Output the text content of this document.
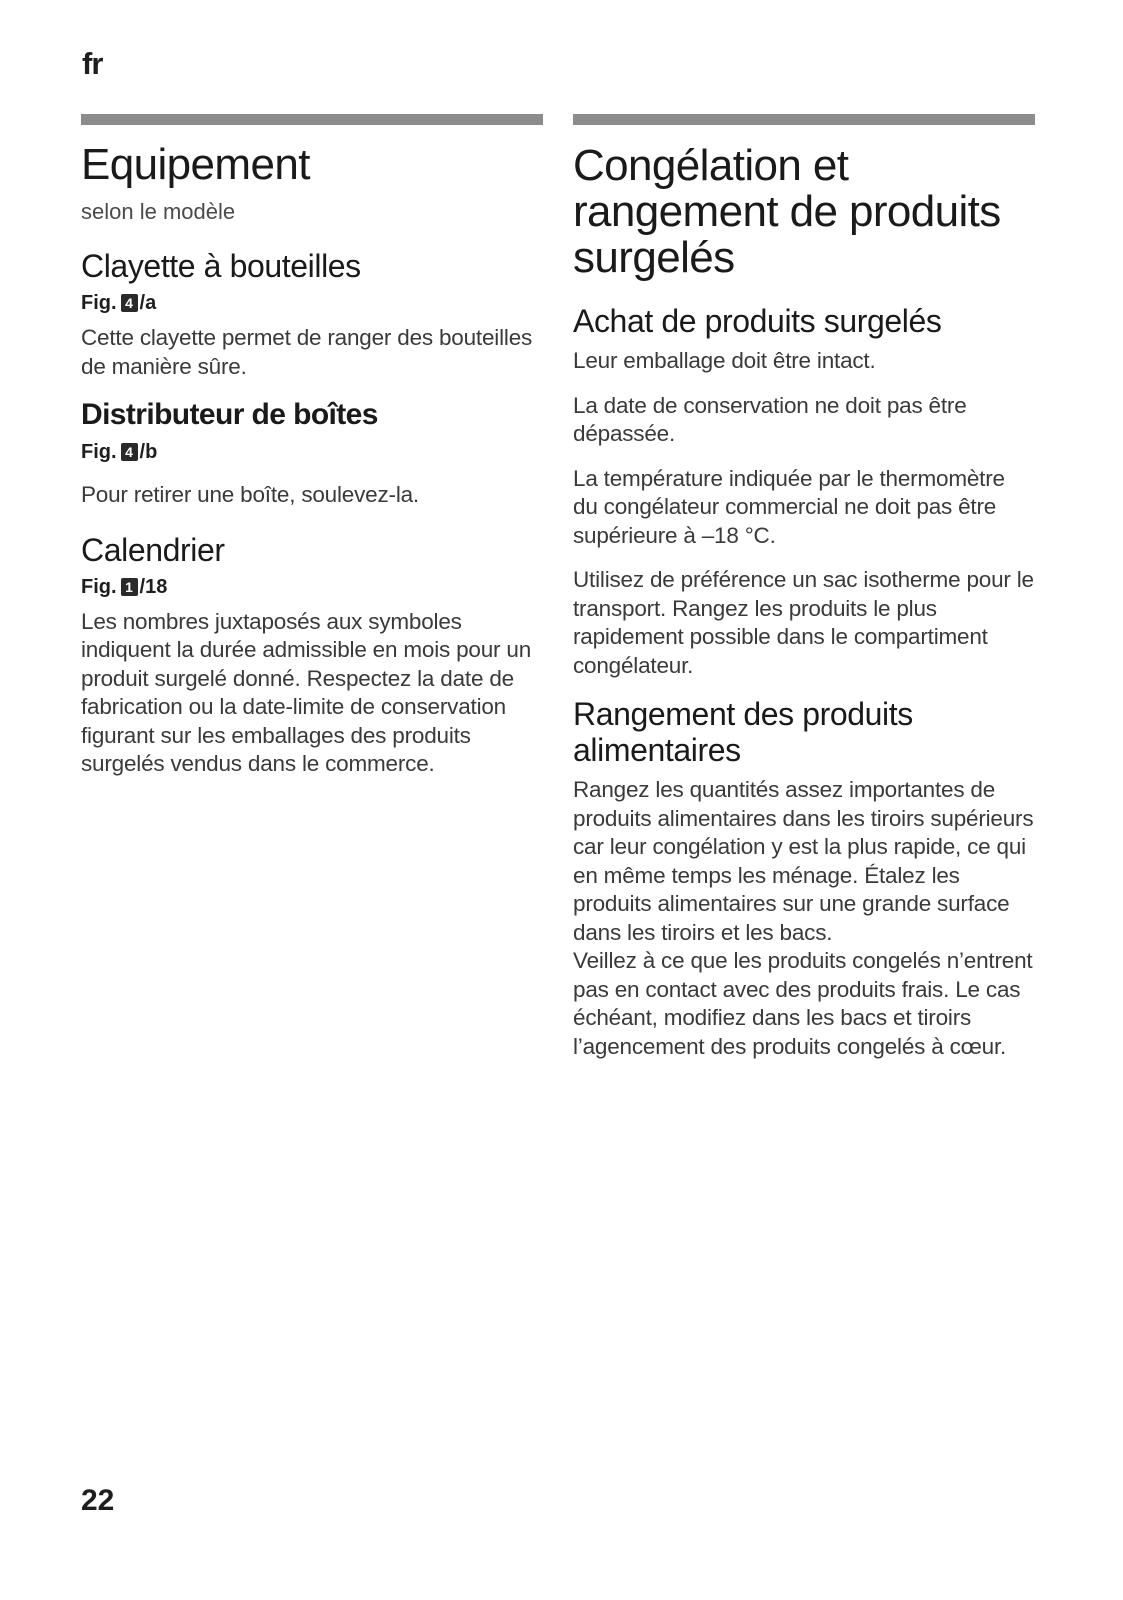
fr
Equipement
selon le modèle
Clayette à bouteilles
Fig. 4 /a

Cette clayette permet de ranger des bouteilles de manière sûre.

Distributeur de boîtes
Fig. 4 /b

Pour retirer une boîte, soulevez-la.

Calendrier
Fig. 1 /18

Les nombres juxtaposés aux symboles indiquent la durée admissible en mois pour un produit surgelé donné. Respectez la date de fabrication ou la date-limite de conservation figurant sur les emballages des produits surgelés vendus dans le commerce.

Congélation et rangement de produits surgelés
Achat de produits surgelés

Leur emballage doit être intact.

La date de conservation ne doit pas être dépassée.

La température indiquée par le thermomètre du congélateur commercial ne doit pas être supérieure à –18 °C.

Utilisez de préférence un sac isotherme pour le transport. Rangez les produits le plus rapidement possible dans le compartiment congélateur.

Rangement des produits alimentaires

Rangez les quantités assez importantes de produits alimentaires dans les tiroirs supérieurs car leur congélation y est la plus rapide, ce qui en même temps les ménage. Étalez les produits alimentaires sur une grande surface dans les tiroirs et les bacs.

Veillez à ce que les produits congelés n’entrent pas en contact avec des produits frais. Le cas échéant, modifiez dans les bacs et tiroirs l’agencement des produits congelés à cœur.

22
